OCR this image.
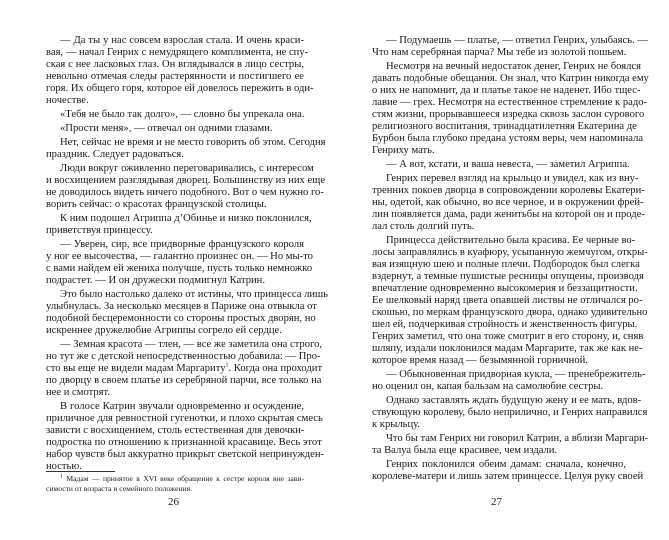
— Да ты у нас совсем взрослая стала. И очень краси-
вая, — начал Генрих с немудрящего комплимента, не спу-
ская с нее ласковых глаз. Он вглядывался в лицо сестры,
невольно отмечая следы растерянности и постигшего ее
горя. Их общего горя, которое ей довелось пережить в оди-
ночестве.
«Тебя не было так долго», — словно бы упрекала она.
«Прости меня», — отвечал он одними глазами.
Нет, сейчас не время и не место говорить об этом. Сегодня
праздник. Следует радоваться.
Люди вокруг оживленно переговаривались, с интересом
и восхищением разглядывая дворец. Большинству из них еще
не доводилось видеть ничего подобного. Вот о чем нужно го-
ворить сейчас: о красотах французской столицы.
К ним подошел Агриппа д’Обинье и низко поклонился,
приветствуя принцессу.
— Уверен, сир, все придворные французского короля
у ног ее высочества, — галантно произнес он. — Но мы-то
с вами найдем ей жениха получше, пусть только немножко
подрастет. — И он дружески подмигнул Катрин.
Это было настолько далеко от истины, что принцесса лишь
улыбнулась. За несколько месяцев в Париже она отвыкла от
подобной бесцеремонности со стороны простых дворян, но
искреннее дружелюбие Агриппы согрело ей сердце.
— Земная красота — тлен, — все же заметила она строго,
но тут же с детской непосредственностью добавила: — Про-
сто вы еще не видели мадам Маргариту$^1$. Когда она проходит
по дворцу в своем платье из серебряной парчи, все только на
нее и смотрят.
В голосе Катрин звучали одновременно и осуждение,
приличное для ревностной гугенотки, и плохо скрытая смесь
зависти с восхищением, столь естественная для девочки-
подростка по отношению к признанной красавице. Весь этот
набор чувств был аккуратно прикрыт светской непринужден-
ностью.
— Подумаешь — платье, — ответил Генрих, улыбаясь. —
Что нам серебряная парча? Мы тебе из золотой пошьем.
Несмотря на вечный недостаток денег, Генрих не боялся
давать подобные обещания. Он знал, что Катрин никогда ему
о них не напомнит, да и платье такое не наденет. Ибо тщес-
лавие — грех. Несмотря на естественное стремление к радо-
стям жизни, прорывавшееся изредка сквозь заслон сурового
религиозного воспитания, тринадцатилетняя Екатерина де
Бурбон была глубоко предана устоям веры, чем напоминала
Генриху мать.
— А вот, кстати, и ваша невеста, — заметил Агриппа.
Генрих перевел взгляд на крыльцо и увидел, как из вну-
тренних покоев дворца в сопровождении королевы Екатери-
ны, одетой, как обычно, во все черное, и в окружении фрей-
лин появляется дама, ради женитьбы на которой он и проде-
лал столь долгий путь.
Принцесса действительно была красива. Ее черные во-
лосы заправлялись в куафюру, усыпанную жемчугом, откры-
вая изящную шею и полные плечи. Подбородок был слегка
вздернут, а темные пушистые ресницы опущены, производя
впечатление одновременно высокомерия и беззащитности.
Ее шелковый наряд цвета опавшей листвы не отличался ро-
скошью, по меркам французского двора, однако удивительно
шел ей, подчеркивая стройность и женственность фигуры.
Генрих заметил, что она тоже смотрит в его сторону, и, сняв
шляпу, издали поклонился мадам Маргарите, так же как не-
которое время назад — безымянной горничной.
— Обыкновенная придворная кукла, — пренебрежитель-
но оценил он, капая бальзам на самолюбие сестры.
Однако заставлять ждать будущую жену и ее мать, вдов-
ствующую королеву, было неприлично, и Генрих направился
к крыльцу.
Что бы там Генрих ни говорил Катрин, а вблизи Маргари-
та Валуа была еще красивее, чем издали.
Генрих поклонился обеим дамам: сначала, конечно,
королеве-матери и лишь затем принцессе. Целуя руку своей
$^1$ Мадам — принятое в XVI веке обращение к сестре короля вне зави-
симости от возраста и семейного положения.
26	27
